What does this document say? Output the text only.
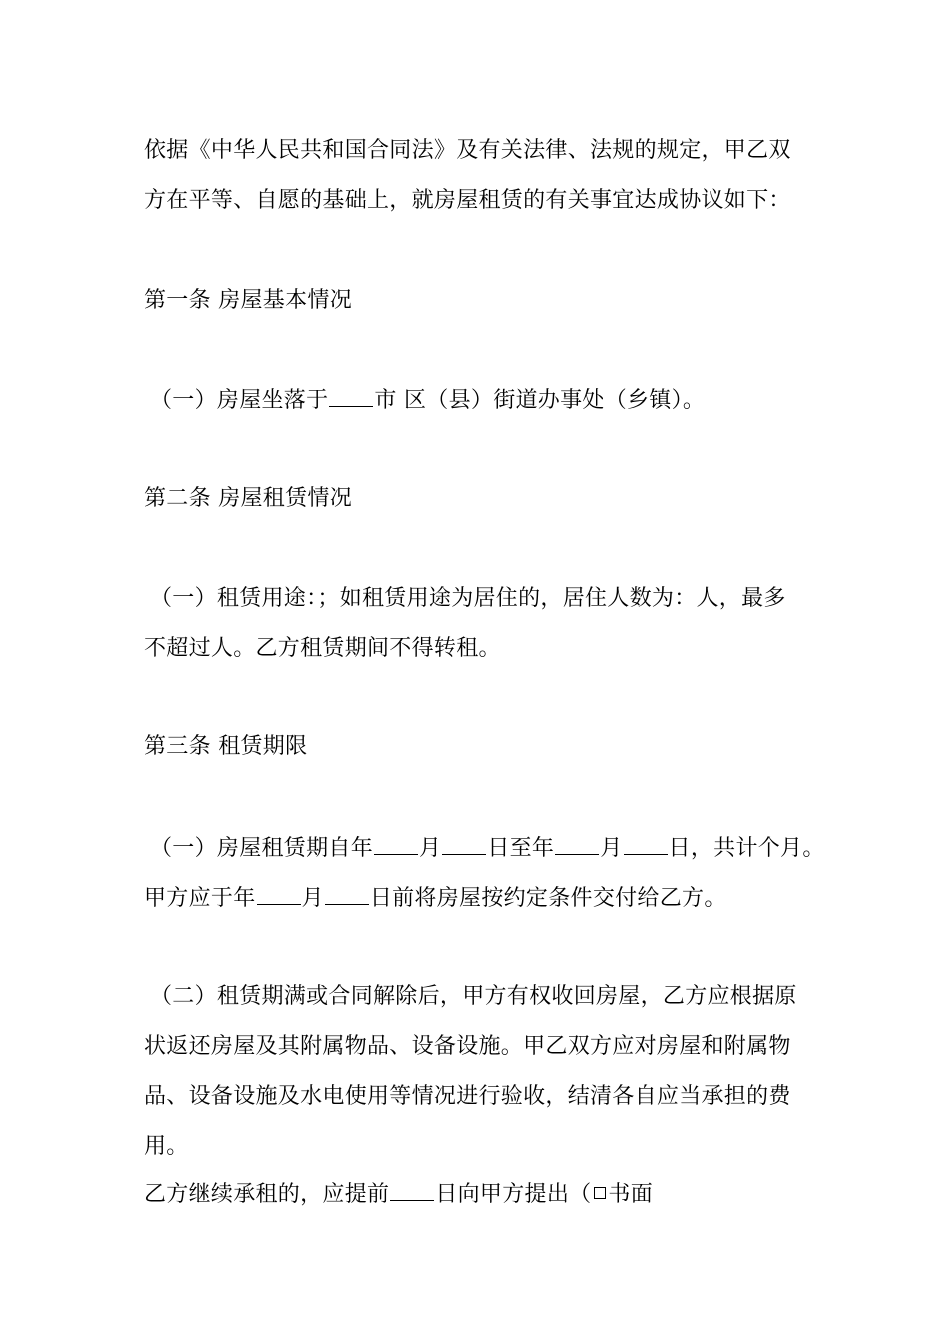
依据《中华人民共和国合同法》及有关法律、法规的规定，甲乙双
方在平等、自愿的基础上，就房屋租赁的有关事宜达成协议如下：
第一条 房屋基本情况
（一）房屋坐落于 市 区（县）街道办事处（乡镇）。
第二条 房屋租赁情况
（一）租赁用途：；如租赁用途为居住的，居住人数为：人，最多
不超过人。乙方租赁期间不得转租。
第三条 租赁期限
（一）房屋租赁期自年 月 日至年 月 日，共计个月。
甲方应于年 月 日前将房屋按约定条件交付给乙方。
（二）租赁期满或合同解除后，甲方有权收回房屋，乙方应根据原
状返还房屋及其附属物品、设备设施。甲乙双方应对房屋和附属物
品、设备设施及水电使用等情况进行验收，结清各自应当承担的费
用。
乙方继续承租的，应提前 日向甲方提出（ 书面
